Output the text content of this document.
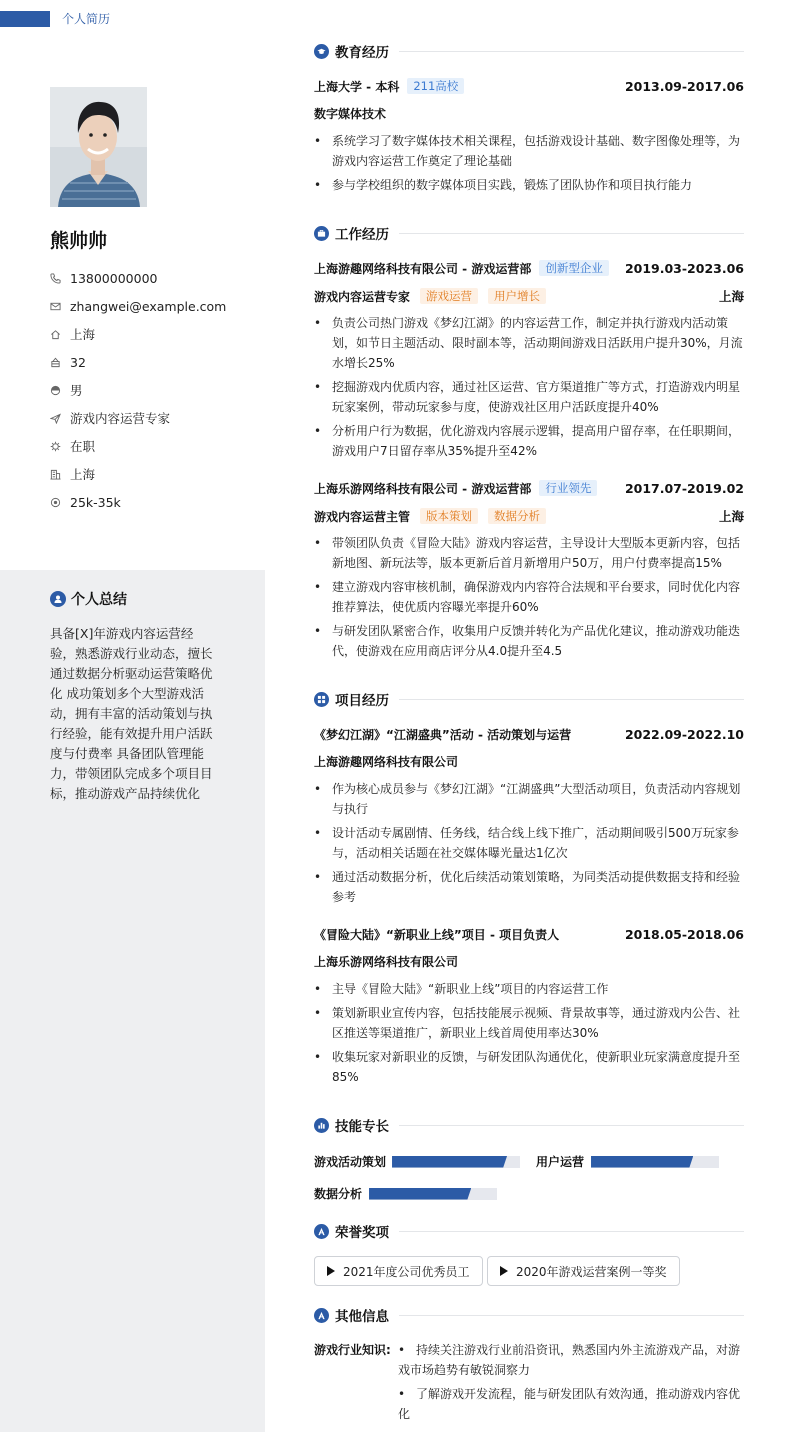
个人简历
熊帅帅
13800000000
zhangwei@example.com
上海
32
男
游戏内容运营专家
在职
上海
25k-35k
个人总结
具备[X]年游戏内容运营经验，熟悉游戏行业动态，擅长通过数据分析驱动运营策略优化 成功策划多个大型游戏活动，拥有丰富的活动策划与执行经验，能有效提升用户活跃度与付费率 具备团队管理能力，带领团队完成多个项目目标，推动游戏产品持续优化
教育经历
上海大学 - 本科	211高校	2013.09-2017.06
数字媒体技术
• 系统学习了数字媒体技术相关课程，包括游戏设计基础、数字图像处理等，为游戏内容运营工作奠定了理论基础
• 参与学校组织的数字媒体项目实践，锻炼了团队协作和项目执行能力
工作经历
上海游趣网络科技有限公司 - 游戏运营部	创新型企业	2019.03-2023.06
游戏内容运营专家	游戏运营	用户增长	上海
• 负责公司热门游戏《梦幻江湖》的内容运营工作，制定并执行游戏内活动策划，如节日主题活动、限时副本等，活动期间游戏日活跃用户提升30%，月流水增长25%
• 挖掘游戏内优质内容，通过社区运营、官方渠道推广等方式，打造游戏内明星玩家案例，带动玩家参与度，使游戏社区用户活跃度提升40%
• 分析用户行为数据，优化游戏内容展示逻辑，提高用户留存率，在任职期间，游戏用户7日留存率从35%提升至42%
上海乐游网络科技有限公司 - 游戏运营部	行业领先	2017.07-2019.02
游戏内容运营主管	版本策划	数据分析	上海
• 带领团队负责《冒险大陆》游戏内容运营，主导设计大型版本更新内容，包括新地图、新玩法等，版本更新后首月新增用户50万，用户付费率提高15%
• 建立游戏内容审核机制，确保游戏内内容符合法规和平台要求，同时优化内容推荐算法，使优质内容曝光率提升60%
• 与研发团队紧密合作，收集用户反馈并转化为产品优化建议，推动游戏功能迭代，使游戏在应用商店评分从4.0提升至4.5
项目经历
《梦幻江湖》“江湖盛典”活动 - 活动策划与运营	2022.09-2022.10
上海游趣网络科技有限公司
• 作为核心成员参与《梦幻江湖》“江湖盛典”大型活动项目，负责活动内容规划与执行
• 设计活动专属剧情、任务线，结合线上线下推广，活动期间吸引500万玩家参与，活动相关话题在社交媒体曝光量达1亿次
• 通过活动数据分析，优化后续活动策划策略，为同类活动提供数据支持和经验参考
《冒险大陆》“新职业上线”项目 - 项目负责人	2018.05-2018.06
上海乐游网络科技有限公司
• 主导《冒险大陆》“新职业上线”项目的内容运营工作
• 策划新职业宣传内容，包括技能展示视频、背景故事等，通过游戏内公告、社区推送等渠道推广，新职业上线首周使用率达30%
• 收集玩家对新职业的反馈，与研发团队沟通优化，使新职业玩家满意度提升至85%
技能专长
游戏活动策划	用户运营
数据分析
荣誉奖项
2021年度公司优秀员工	2020年游戏运营案例一等奖
其他信息
游戏行业知识: • 持续关注游戏行业前沿资讯，熟悉国内外主流游戏产品，对游戏市场趋势有敏锐洞察力
• 了解游戏开发流程，能与研发团队有效沟通，推动游戏内容优化
